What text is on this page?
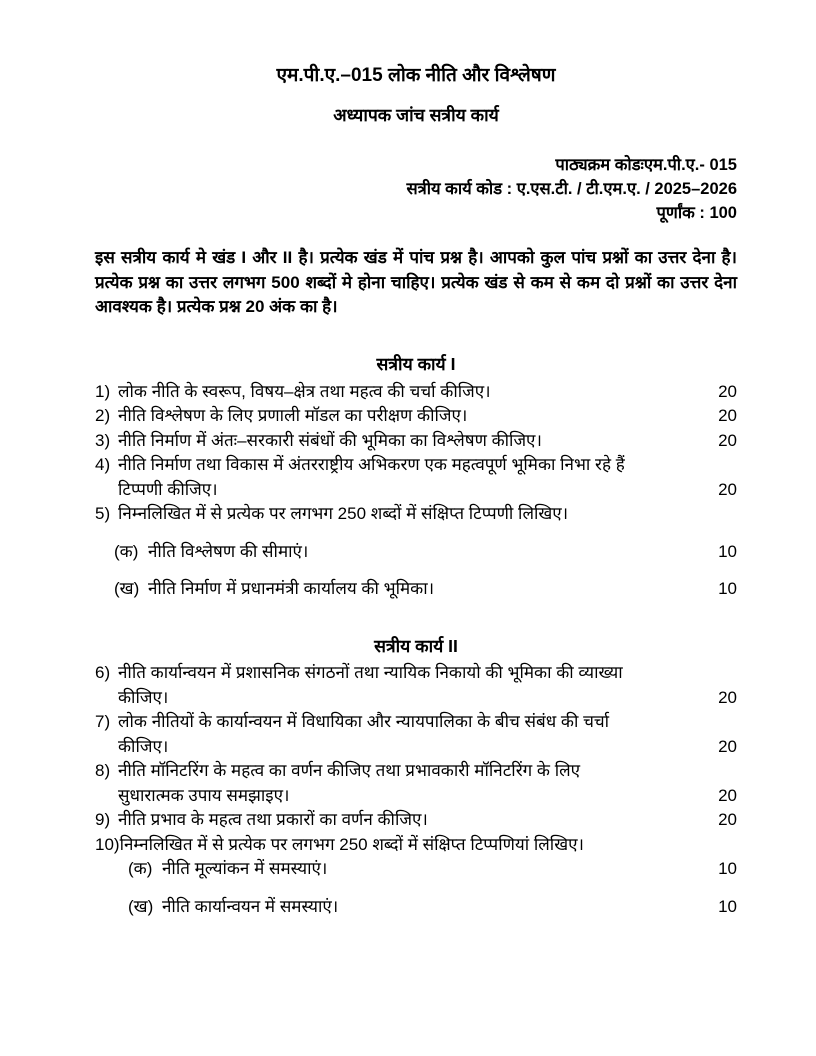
एम.पी.ए.–015 लोक नीति और विश्लेषण
अध्यापक जांच सत्रीय कार्य
पाठ्यक्रम कोडःएम.पी.ए.- 015
सत्रीय कार्य कोड : ए.एस.टी. / टी.एम.ए. / 2025–2026
पूर्णांक : 100

इस सत्रीय कार्य मे खंड I और II है। प्रत्येक खंड में पांच प्रश्न है। आपको कुल पांच प्रश्नों का उत्तर देना है। प्रत्येक प्रश्न का उत्तर लगभग 500 शब्दों मे होना चाहिए। प्रत्येक खंड से कम से कम दो प्रश्नों का उत्तर देना आवश्यक है। प्रत्येक प्रश्न 20 अंक का है।

सत्रीय कार्य I
1) लोक नीति के स्वरूप, विषय–क्षेत्र तथा महत्व की चर्चा कीजिए।	20
2) नीति विश्लेषण के लिए प्रणाली मॉडल का परीक्षण कीजिए।	20
3) नीति निर्माण में अंतः–सरकारी संबंधों की भूमिका का विश्लेषण कीजिए।	20
4) नीति निर्माण तथा विकास में अंतरराष्ट्रीय अभिकरण एक महत्वपूर्ण भूमिका निभा रहे हैं
टिप्पणी कीजिए।	20
5) निम्नलिखित में से प्रत्येक पर लगभग 250 शब्दों में संक्षिप्त टिप्पणी लिखिए।
(क) नीति विश्लेषण की सीमाएं।	10
(ख) नीति निर्माण में प्रधानमंत्री कार्यालय की भूमिका।	10
सत्रीय कार्य II
6) नीति कार्यान्वयन में प्रशासनिक संगठनों तथा न्यायिक निकायो की भूमिका की व्याख्या
कीजिए।	20
7) लोक नीतियों के कार्यान्वयन में विधायिका और न्यायपालिका के बीच संबंध की चर्चा
कीजिए।	20
8) नीति मॉनिटरिंग के महत्व का वर्णन कीजिए तथा प्रभावकारी मॉनिटरिंग के लिए
सुधारात्मक उपाय समझाइए।	20
9) नीति प्रभाव के महत्व तथा प्रकारों का वर्णन कीजिए।	20
10) निम्नलिखित में से प्रत्येक पर लगभग 250 शब्दों में संक्षिप्त टिप्पणियां लिखिए।
(क) नीति मूल्यांकन में समस्याएं।	10
(ख) नीति कार्यान्वयन में समस्याएं।	10
